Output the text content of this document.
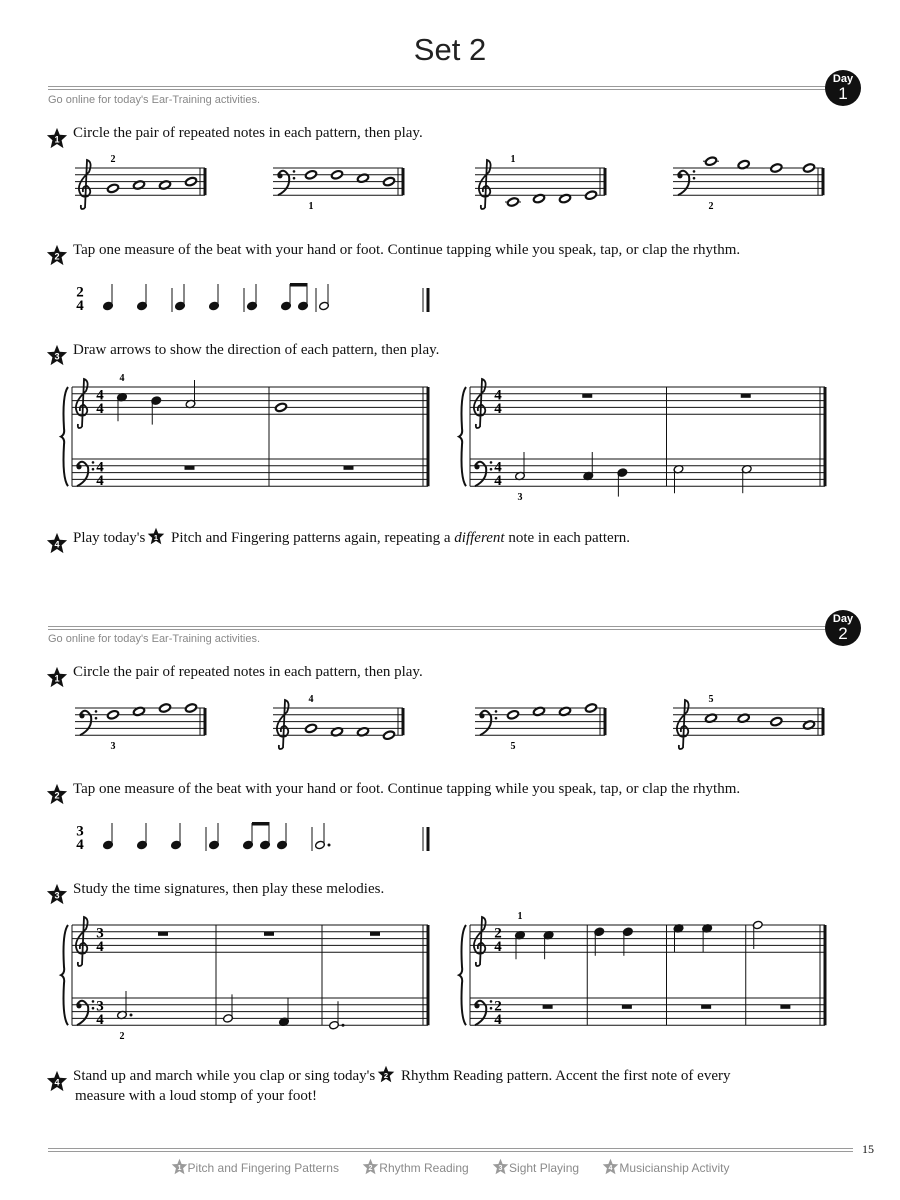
Set 2
Day
1
Go online for today's Ear-Training activities.
1 Circle the pair of repeated notes in each pattern, then play.
2 Tap one measure of the beat with your hand or foot. Continue tapping while you speak, tap, or clap the rhythm.
3 Draw arrows to show the direction of each pattern, then play.
4 Play today's 1 Pitch and Fingering patterns again, repeating a different note in each pattern.
Day
2
Go online for today's Ear-Training activities.
1 Circle the pair of repeated notes in each pattern, then play.
2 Tap one measure of the beat with your hand or foot. Continue tapping while you speak, tap, or clap the rhythm.
3 Study the time signatures, then play these melodies.
4 Stand up and march while you clap or sing today's 2 Rhythm Reading pattern. Accent the first note of every
measure with a loud stomp of your foot!
2
1
1
2
2
4
4
4
4
4
4
4
4
4
4
3
3
4
5
5
3
4
3
4
3
4
2
2
4
2
4
1
15
1 Pitch and Fingering Patterns	2 Rhythm Reading	3 Sight Playing	4 Musicianship Activity
